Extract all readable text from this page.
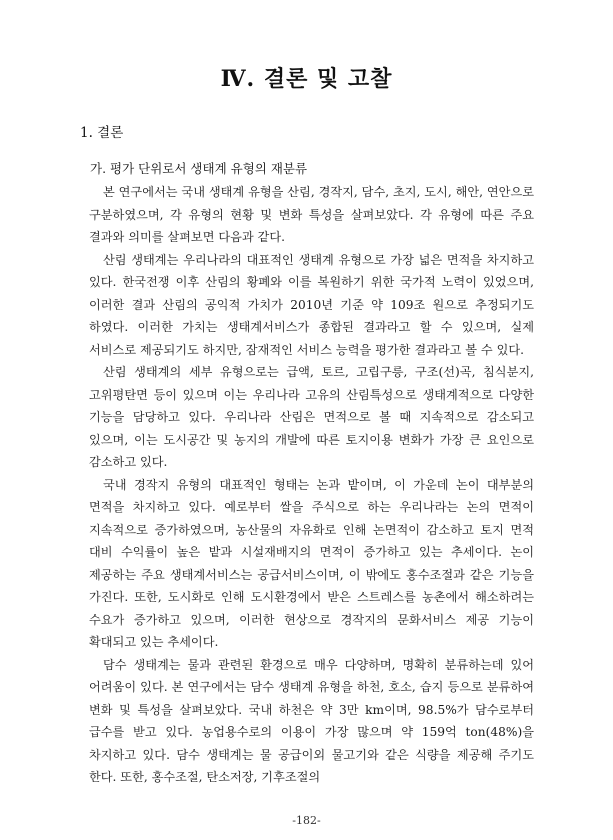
Ⅳ. 결론 및 고찰
1. 결론
가. 평가 단위로서 생태계 유형의 재분류

본 연구에서는 국내 생태계 유형을 산림, 경작지, 담수, 초지, 도시, 해안, 연안으로 구분하였으며, 각 유형의 현황 및 변화 특성을 살펴보았다. 각 유형에 따른 주요 결과와 의미를 살펴보면 다음과 같다.

산림 생태계는 우리나라의 대표적인 생태계 유형으로 가장 넓은 면적을 차지하고 있다. 한국전쟁 이후 산림의 황폐와 이를 복원하기 위한 국가적 노력이 있었으며, 이러한 결과 산림의 공익적 가치가 2010년 기준 약 109조 원으로 추정되기도 하였다. 이러한 가치는 생태계서비스가 종합된 결과라고 할 수 있으며, 실제 서비스로 제공되기도 하지만, 잠재적인 서비스 능력을 평가한 결과라고 볼 수 있다.

산림 생태계의 세부 유형으로는 급액, 토르, 고립구릉, 구조(선)곡, 침식분지, 고위평탄면 등이 있으며 이는 우리나라 고유의 산림특성으로 생태계적으로 다양한 기능을 담당하고 있다. 우리나라 산림은 면적으로 볼 때 지속적으로 감소되고 있으며, 이는 도시공간 및 농지의 개발에 따른 토지이용 변화가 가장 큰 요인으로 감소하고 있다.

국내 경작지 유형의 대표적인 형태는 논과 밭이며, 이 가운데 논이 대부분의 면적을 차지하고 있다. 예로부터 쌀을 주식으로 하는 우리나라는 논의 면적이 지속적으로 증가하였으며, 농산물의 자유화로 인해 논면적이 감소하고 토지 면적 대비 수익률이 높은 밭과 시설재배지의 면적이 증가하고 있는 추세이다. 논이 제공하는 주요 생태계서비스는 공급서비스이며, 이 밖에도 홍수조절과 같은 기능을 가진다. 또한, 도시화로 인해 도시환경에서 받은 스트레스를 농촌에서 해소하려는 수요가 증가하고 있으며, 이러한 현상으로 경작지의 문화서비스 제공 기능이 확대되고 있는 추세이다.

담수 생태계는 물과 관련된 환경으로 매우 다양하며, 명확히 분류하는데 있어 어려움이 있다. 본 연구에서는 담수 생태계 유형을 하천, 호소, 습지 등으로 분류하여 변화 및 특성을 살펴보았다. 국내 하천은 약 3만 km이며, 98.5%가 담수로부터 급수를 받고 있다. 농업용수로의 이용이 가장 많으며 약 159억 ton(48%)을 차지하고 있다. 담수 생태계는 물 공급이외 물고기와 같은 식량을 제공해 주기도 한다. 또한, 홍수조절, 탄소저장, 기후조절의

-182-
